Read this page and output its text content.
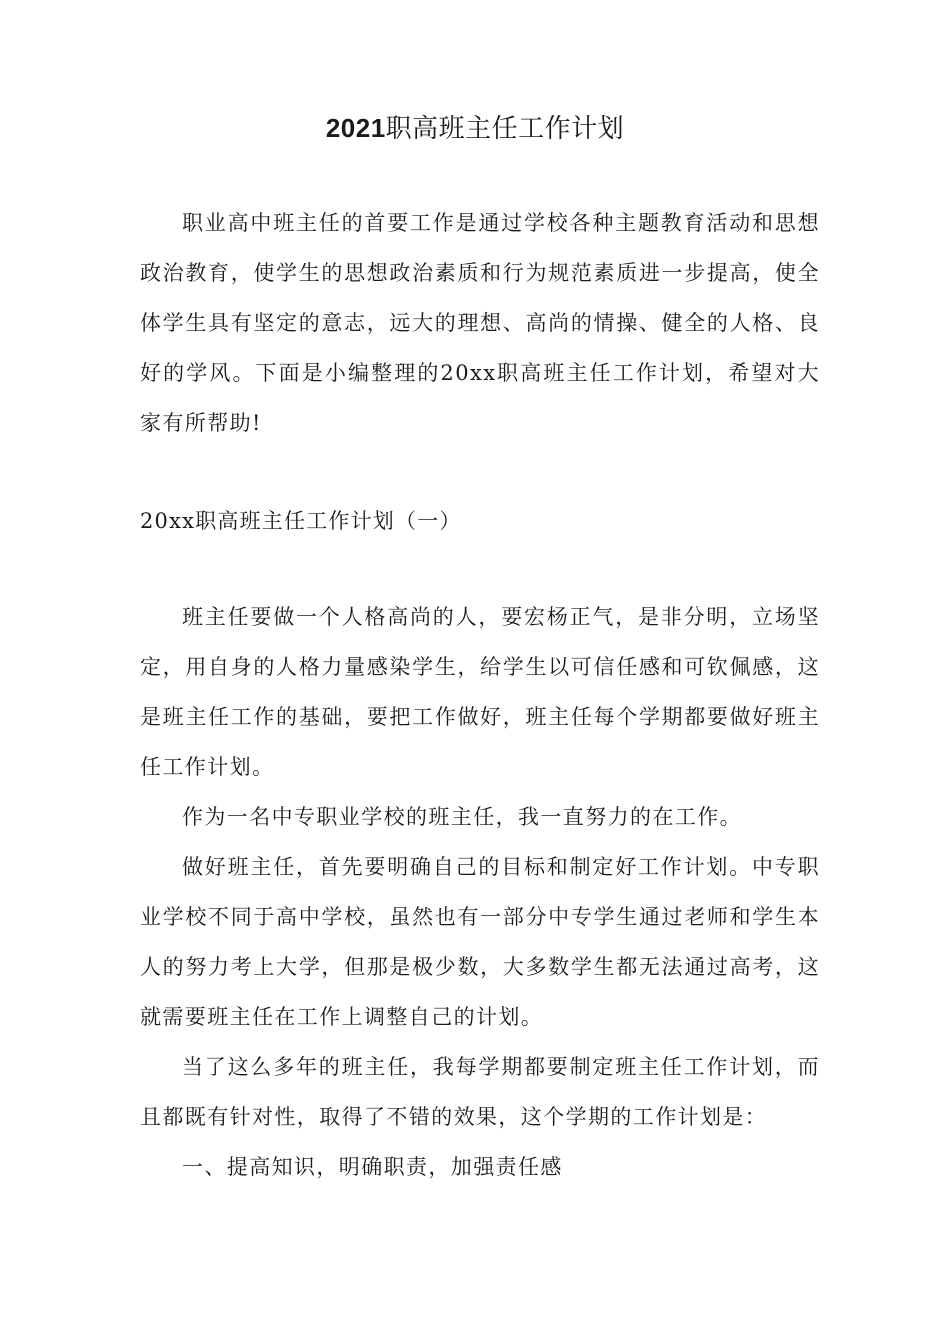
2021职高班主任工作计划

职业高中班主任的首要工作是通过学校各种主题教育活动和思想政治教育，使学生的思想政治素质和行为规范素质进一步提高，使全体学生具有坚定的意志，远大的理想、高尚的情操、健全的人格、良好的学风。下面是小编整理的20xx职高班主任工作计划，希望对大家有所帮助!

20xx职高班主任工作计划（一）

班主任要做一个人格高尚的人，要宏杨正气，是非分明，立场坚定，用自身的人格力量感染学生，给学生以可信任感和可钦佩感，这是班主任工作的基础，要把工作做好，班主任每个学期都要做好班主任工作计划。

作为一名中专职业学校的班主任，我一直努力的在工作。

做好班主任，首先要明确自己的目标和制定好工作计划。中专职业学校不同于高中学校，虽然也有一部分中专学生通过老师和学生本人的努力考上大学，但那是极少数，大多数学生都无法通过高考，这就需要班主任在工作上调整自己的计划。

当了这么多年的班主任，我每学期都要制定班主任工作计划，而且都既有针对性，取得了不错的效果，这个学期的工作计划是：

一、提高知识，明确职责，加强责任感
